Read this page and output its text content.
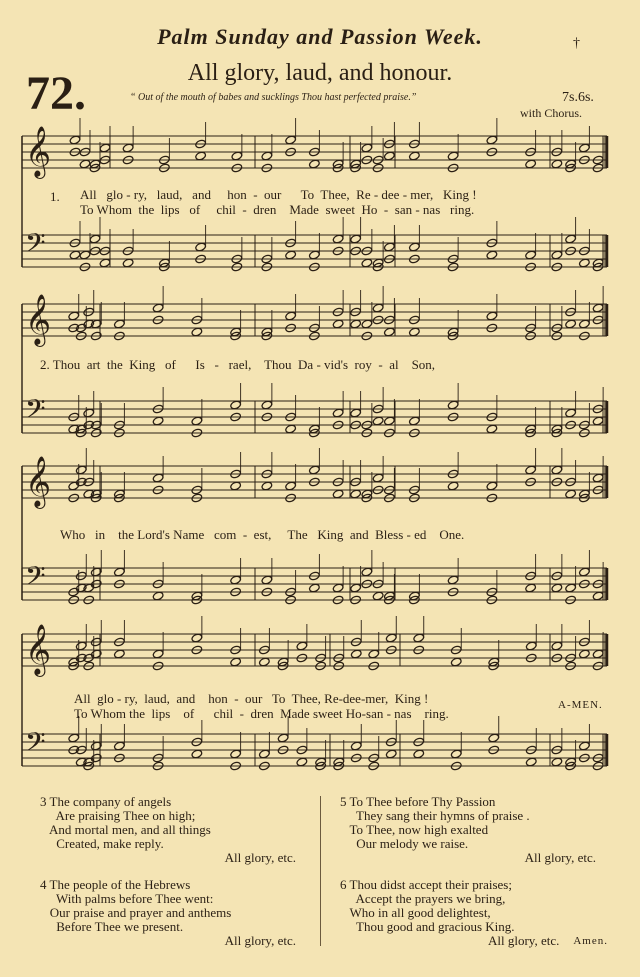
Palm Sunday and Passion Week.	†
72.	All glory, laud, and honour.
“ Out of the mouth of babes and sucklings Thou hast perfected praise.”	7s.6s.
with Chorus.
𝄞
𝄢
𝄞
𝄢
𝄞
𝄢
𝄞
𝄢
1. All   glo - ry,   laud,   and     hon  -  our      To  Thee,  Re - dee - mer,   King !
To Whom  the  lips   of     chil  -  dren    Made  sweet  Ho  -  san - nas   ring.
2. Thou  art  the  King   of      Is   -   rael,    Thou  Da - vid's  roy  -  al    Son,
Who   in    the Lord's Name   com  -  est,     The   King  and  Bless - ed    One.
All  glo - ry,  laud,  and    hon  -  our   To  Thee, Re-dee-mer,  King !
To Whom the  lips    of      chil  -  dren  Made sweet Ho-san - nas    ring.
A-MEN.
3 The company of angels
Are praising Thee on high;
And mortal men, and all things
Created, make reply.
All glory, etc.
4 The people of the Hebrews
With palms before Thee went:
Our praise and prayer and anthems
Before Thee we present.
All glory, etc.
5 To Thee before Thy Passion
They sang their hymns of praise .
To Thee, now high exalted
Our melody we raise.
All glory, etc.
6 Thou didst accept their praises;
Accept the prayers we bring,
Who in all good delightest,
Thou good and gracious King.
All glory, etc. Amen.
